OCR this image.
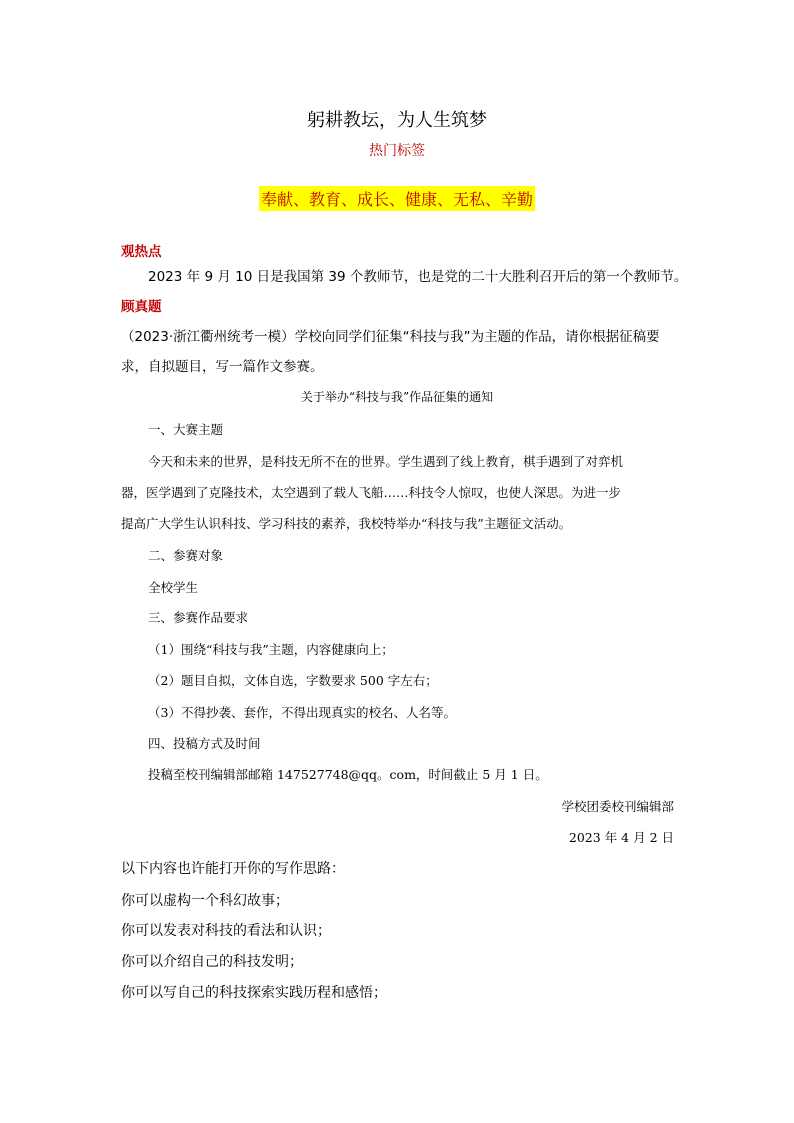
躬耕教坛，为人生筑梦
热门标签
奉献、教育、成长、健康、无私、辛勤
观热点
2023 年 9 月 10 日是我国第 39 个教师节，也是党的二十大胜利召开后的第一个教师节。
顾真题
（2023·浙江衢州统考一模）学校向同学们征集“科技与我”为主题的作品，请你根据征稿要
求，自拟题目，写一篇作文参赛。
关于举办“科技与我”作品征集的通知
一、大赛主题
今天和未来的世界，是科技无所不在的世界。学生遇到了线上教育，棋手遇到了对弈机
器，医学遇到了克隆技术，太空遇到了载人飞船……科技令人惊叹，也使人深思。为进一步
提高广大学生认识科技、学习科技的素养，我校特举办“科技与我”主题征文活动。
二、参赛对象
全校学生
三、参赛作品要求
（1）围绕“科技与我”主题，内容健康向上；
（2）题目自拟，文体自选，字数要求 500 字左右；
（3）不得抄袭、套作，不得出现真实的校名、人名等。
四、投稿方式及时间
投稿至校刊编辑部邮箱 147527748@qq。com，时间截止 5 月 1 日。
学校团委校刊编辑部
2023 年 4 月 2 日
以下内容也许能打开你的写作思路：
你可以虚构一个科幻故事；
你可以发表对科技的看法和认识；
你可以介绍自己的科技发明；
你可以写自己的科技探索实践历程和感悟；
